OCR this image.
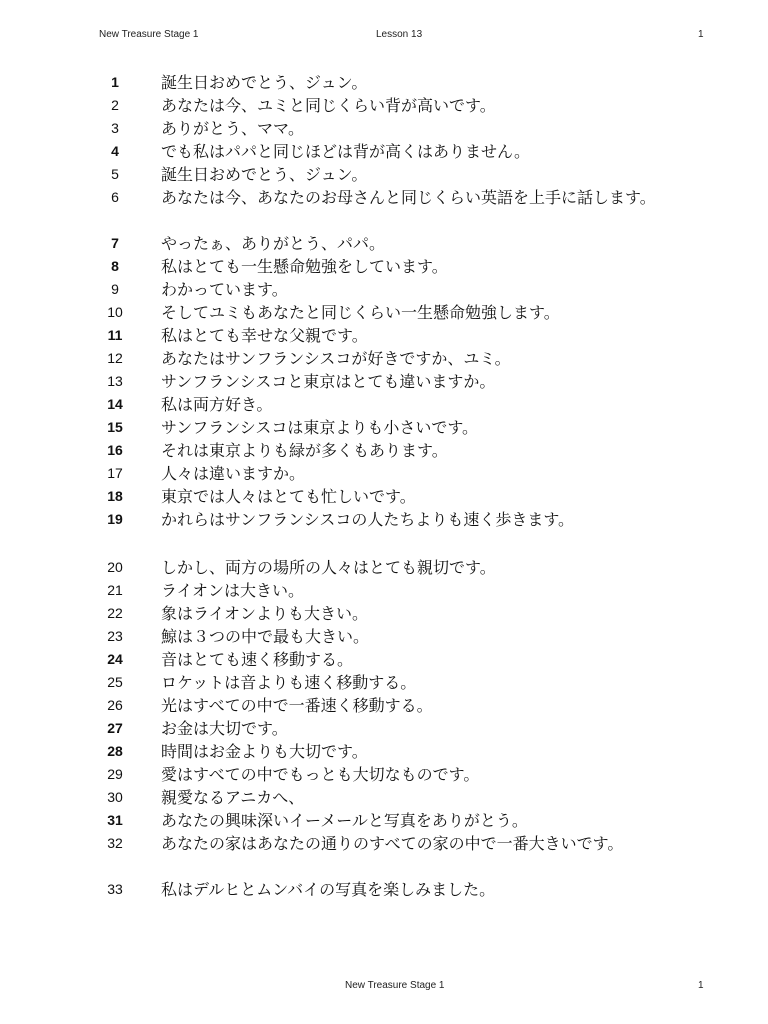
New Treasure Stage 1	Lesson 13	1
1	誕生日おめでとう、ジュン。
2	あなたは今、ユミと同じくらい背が高いです。
3	ありがとう、ママ。
4	でも私はパパと同じほどは背が高くはありません。
5	誕生日おめでとう、ジュン。
6	あなたは今、あなたのお母さんと同じくらい英語を上手に話します。
7	やったぁ、ありがとう、パパ。
8	私はとても一生懸命勉強をしています。
9	わかっています。
10	そしてユミもあなたと同じくらい一生懸命勉強します。
11	私はとても幸せな父親です。
12	あなたはサンフランシスコが好きですか、ユミ。
13	サンフランシスコと東京はとても違いますか。
14	私は両方好き。
15	サンフランシスコは東京よりも小さいです。
16	それは東京よりも緑が多くもあります。
17	人々は違いますか。
18	東京では人々はとても忙しいです。
19	かれらはサンフランシスコの人たちよりも速く歩きます。
20	しかし、両方の場所の人々はとても親切です。
21	ライオンは大きい。
22	象はライオンよりも大きい。
23	鯨は３つの中で最も大きい。
24	音はとても速く移動する。
25	ロケットは音よりも速く移動する。
26	光はすべての中で一番速く移動する。
27	お金は大切です。
28	時間はお金よりも大切です。
29	愛はすべての中でもっとも大切なものです。
30	親愛なるアニカへ、
31	あなたの興味深いイーメールと写真をありがとう。
32	あなたの家はあなたの通りのすべての家の中で一番大きいです。
33	私はデルヒとムンバイの写真を楽しみました。
New Treasure Stage 1	1
